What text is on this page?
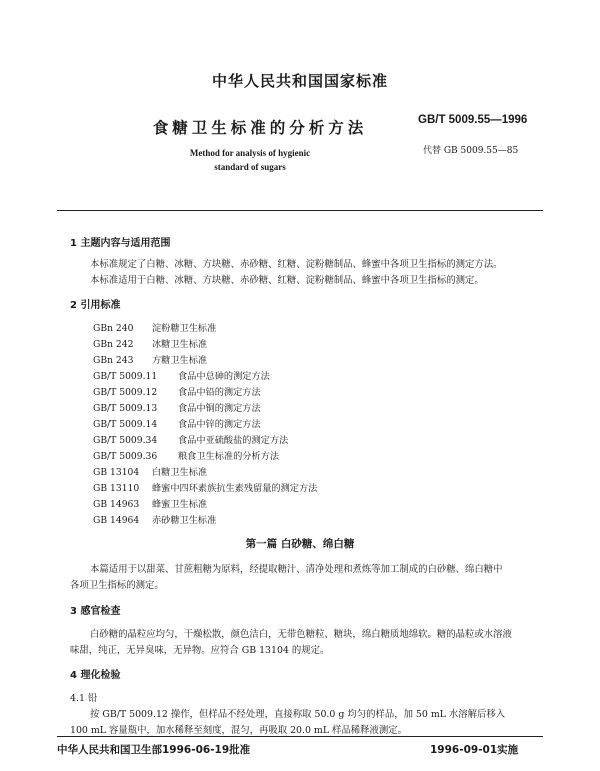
中华人民共和国国家标准
食糖卫生标准的分析方法	GB/T 5009.55—1996
代替 GB 5009.55—85
Method for analysis of hygienic
standard of sugars
1 主题内容与适用范围
本标准规定了白糖、冰糖、方块糖、赤砂糖、红糖、淀粉糖制品、蜂蜜中各项卫生指标的测定方法。
本标准适用于白糖、冰糖、方块糖、赤砂糖、红糖、淀粉糖制品、蜂蜜中各项卫生指标的测定。
2 引用标准
GBn 240 淀粉糖卫生标准
GBn 242 冰糖卫生标准
GBn 243 方糖卫生标准
GB/T 5009.11 食品中总砷的测定方法
GB/T 5009.12 食品中铅的测定方法
GB/T 5009.13 食品中铜的测定方法
GB/T 5009.14 食品中锌的测定方法
GB/T 5009.34 食品中亚硫酸盐的测定方法
GB/T 5009.36 粮食卫生标准的分析方法
GB 13104 白糖卫生标准
GB 13110 蜂蜜中四环素族抗生素残留量的测定方法
GB 14963 蜂蜜卫生标准
GB 14964 赤砂糖卫生标准
第一篇 白砂糖、绵白糖
本篇适用于以甜菜、甘蔗粗糖为原料，经提取糖汁、清净处理和煮炼等加工制成的白砂糖、绵白糖中
各项卫生指标的测定。
3 感官检查
白砂糖的晶粒应均匀，干燥松散，颜色洁白，无带色糖粒、糖块，绵白糖质地绵软。糖的晶粒或水溶液
味甜，纯正，无异臭味，无异物。应符合 GB 13104 的规定。
4 理化检验
4.1 铅
按 GB/T 5009.12 操作，但样品不经处理，直接称取 50.0 g 均匀的样品，加 50 mL 水溶解后移入
100 mL 容量瓶中，加水稀释至刻度，混匀，再吸取 20.0 mL 样品稀释液测定。
中华人民共和国卫生部1996-06-19批准	1996-09-01实施
